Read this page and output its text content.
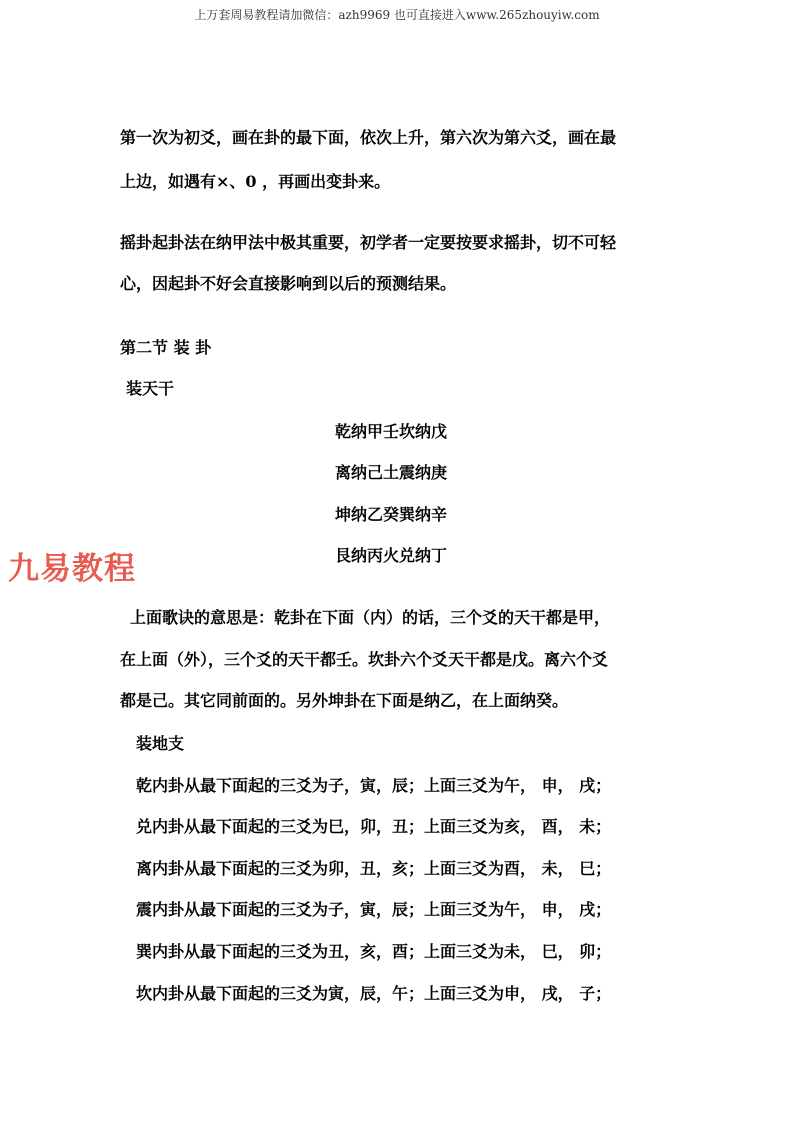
上万套周易教程请加微信：azh9969 也可直接进入www.265zhouyiw.com
第一次为初爻，画在卦的最下面，依次上升，第六次为第六爻，画在最
上边，如遇有×、0 ，再画出变卦来。
摇卦起卦法在纳甲法中极其重要，初学者一定要按要求摇卦，切不可轻
心，因起卦不好会直接影响到以后的预测结果。
第二节 装 卦
装天干
乾纳甲壬坎纳戊
离纳己土震纳庚
坤纳乙癸巽纳辛
艮纳丙火兑纳丁
九易教程
上面歌诀的意思是：乾卦在下面（内）的话，三个爻的天干都是甲，
在上面（外），三个爻的天干都壬。坎卦六个爻天干都是戊。离六个爻
都是己。其它同前面的。另外坤卦在下面是纳乙，在上面纳癸。
装地支
乾内卦从最下面起的三爻为子，寅，辰；上面三爻为午， 申， 戌；
兑内卦从最下面起的三爻为巳，卯，丑；上面三爻为亥， 酉， 未；
离内卦从最下面起的三爻为卯，丑，亥；上面三爻为酉， 未， 巳；
震内卦从最下面起的三爻为子，寅，辰；上面三爻为午， 申， 戌；
巽内卦从最下面起的三爻为丑，亥，酉；上面三爻为未， 巳， 卯；
坎内卦从最下面起的三爻为寅，辰，午；上面三爻为申， 戌， 子；
